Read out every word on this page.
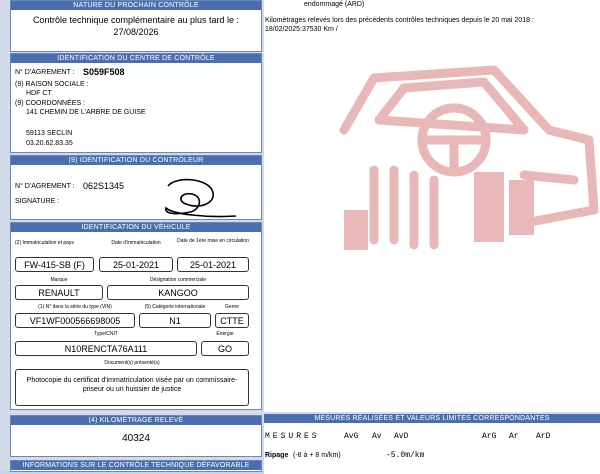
NATURE DU PROCHAIN CONTRÔLE
Contrôle technique complémentaire au plus tard le :
27/08/2026
IDENTIFICATION DU CENTRE DE CONTRÔLE
N° D'AGREMENT : S059F508
(9) RAISON SOCIALE :
HDF CT
(9) COORDONNÉES :
141 CHEMIN DE L'ARBRE DE GUISE
59113 SECLIN
03.20.62.83.35
(9) IDENTIFICATION DU CONTRÔLEUR
N° D'AGREMENT : 062S1345
SIGNATURE :
IDENTIFICATION DU VÉHICULE
(2) Immatriculation et pays	Date d'immatriculation	Date de 1ère mise en circulation
FW-415-SB (F)	25-01-2021	25-01-2021
Marque	Désignation commerciale
RENAULT	KANGOO
(1) N° dans la série du type (VIN)	(5) Catégorie internationale	Genre
VF1WF000566698005	N1	CTTE
Type/CNIT	Énergie
N10RENCTA76A111	GO
Document(s) présenté(s)
Photocopie du certificat d'immatriculation visée par un commissaire-priseur ou un huissier de justice
(4) KILOMÉTRAGE RELEVÉ
40324
INFORMATIONS SUR LE CONTRÔLE TECHNIQUE DÉFAVORABLE
endommagé (ARD)
Kilométrages relevés lors des précédents contrôles techniques depuis le 20 mai 2018 :
18/02/2025:37530 Km /
MESURES RÉALISÉES ET VALEURS LIMITES CORRESPONDANTES
MESURES	AvG Av AvD	ArG Ar ArD
Ripage (-8 à + 8 m/km)	-5.0m/km
